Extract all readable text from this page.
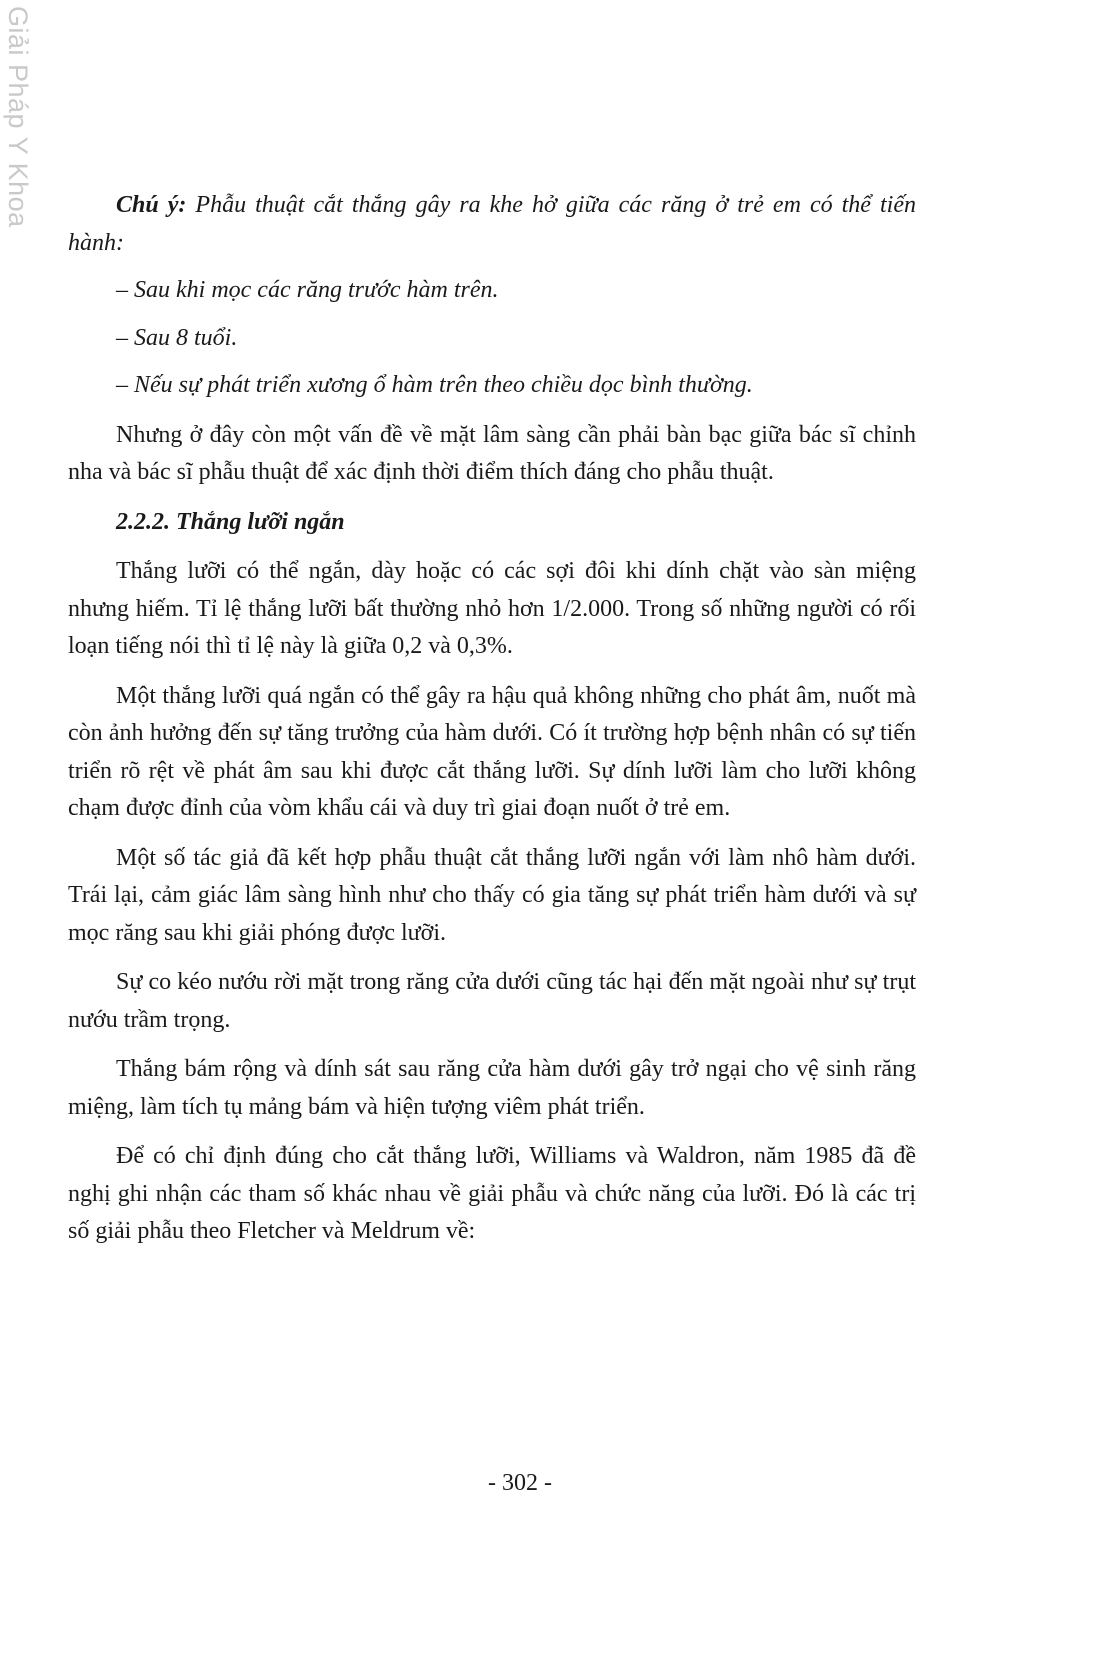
Giải Pháp Y Khoa	Chú ý: Phẫu thuật cắt thắng gây ra khe hở giữa các răng ở trẻ em có thể tiến hành:

– Sau khi mọc các răng trước hàm trên.

– Sau 8 tuổi.

– Nếu sự phát triển xương ổ hàm trên theo chiều dọc bình thường.

Nhưng ở đây còn một vấn đề về mặt lâm sàng cần phải bàn bạc giữa bác sĩ chỉnh nha và bác sĩ phẫu thuật để xác định thời điểm thích đáng cho phẫu thuật.

2.2.2. Thắng lưỡi ngắn

Thắng lưỡi có thể ngắn, dày hoặc có các sợi đôi khi dính chặt vào sàn miệng nhưng hiếm. Tỉ lệ thắng lưỡi bất thường nhỏ hơn 1/2.000. Trong số những người có rối loạn tiếng nói thì tỉ lệ này là giữa 0,2 và 0,3%.

Một thắng lưỡi quá ngắn có thể gây ra hậu quả không những cho phát âm, nuốt mà còn ảnh hưởng đến sự tăng trưởng của hàm dưới. Có ít trường hợp bệnh nhân có sự tiến triển rõ rệt về phát âm sau khi được cắt thắng lưỡi. Sự dính lưỡi làm cho lưỡi không chạm được đỉnh của vòm khẩu cái và duy trì giai đoạn nuốt ở trẻ em.

Một số tác giả đã kết hợp phẫu thuật cắt thắng lưỡi ngắn với làm nhô hàm dưới. Trái lại, cảm giác lâm sàng hình như cho thấy có gia tăng sự phát triển hàm dưới và sự mọc răng sau khi giải phóng được lưỡi.

Sự co kéo nướu rời mặt trong răng cửa dưới cũng tác hại đến mặt ngoài như sự trụt nướu trầm trọng.

Thắng bám rộng và dính sát sau răng cửa hàm dưới gây trở ngại cho vệ sinh răng miệng, làm tích tụ mảng bám và hiện tượng viêm phát triển.

Để có chỉ định đúng cho cắt thắng lưỡi, Williams và Waldron, năm 1985 đã đề nghị ghi nhận các tham số khác nhau về giải phẫu và chức năng của lưỡi. Đó là các trị số giải phẫu theo Fletcher và Meldrum về:

- 302 -
